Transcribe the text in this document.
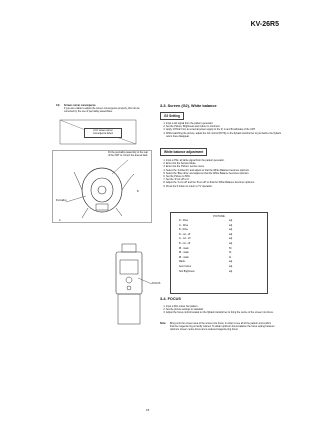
KV-26R5
13)	Screen corner convergence.
If you are unable to adjust the screen convergence properly, this can be corrected by the use of permalloy assemblies.
A=A' screen corner
convergence defect
Fit the permalloy assembly to the rear
of the CRT to correct the area at fault.
Permalloy
A
B
FOCUS
3-3. Screen (G2), White balance
G2 Setting
1. Input a dot signal from the pattern generator.
2. Set the Picture, Brightness and Colour to minimum.
3. Apply 170Vdc from an external power supply to the R, G and B cathodes of the CRT.
4. Whilst watching the picture, adjust the G2 control (RV70) on the flyback transformer to just before the flyback return lines disappear.
White balance adjustment
1. Input a 'PAL' all white signal from the pattern generator.
2. Enter into the Service Mode.
3. Enter into the 'Picture' service menu.
4. Select the 'G-bias drv' and adjust so that the White Balance becomes optimum.
5. Select the 'Blue drive' and adjust so that the White Balance becomes optimum.
6. Set the Picture to 50%.
7. Set the 'R cut off' to 0.
8. Adjust the 'G cut off' and the 'B cut off' so that the White Balance becomes optimum.
9. Press the 0 button to return to TV operation.
PICTURE
R - Drive	adj.
G - Drive	adj.
B - Drive	adj.
R - cut - off	adj.
G - cut - off	adj.
B - cut - off	adj.
IB - mask	50
IB - mask	31
IB - mask	11
Matrix	adj.
Auto Colour	adj.
Sub Brightness	adj.
3-4. FOCUS
1. Input a PAL colour bar pattern.
2. Set the picture settings to standard.
3. Adjust the focus control located on the flyback transformer to bring the centre of the screen into focus.
Note:	Bring onto the screen area of the screen into focus, in order to see all of the pattern and confirm that the magenta ring is hardly noticed. To obtain optimum focus balance the focus setting between optimum screen centre focus and a reduced magenta ring focus.
15
